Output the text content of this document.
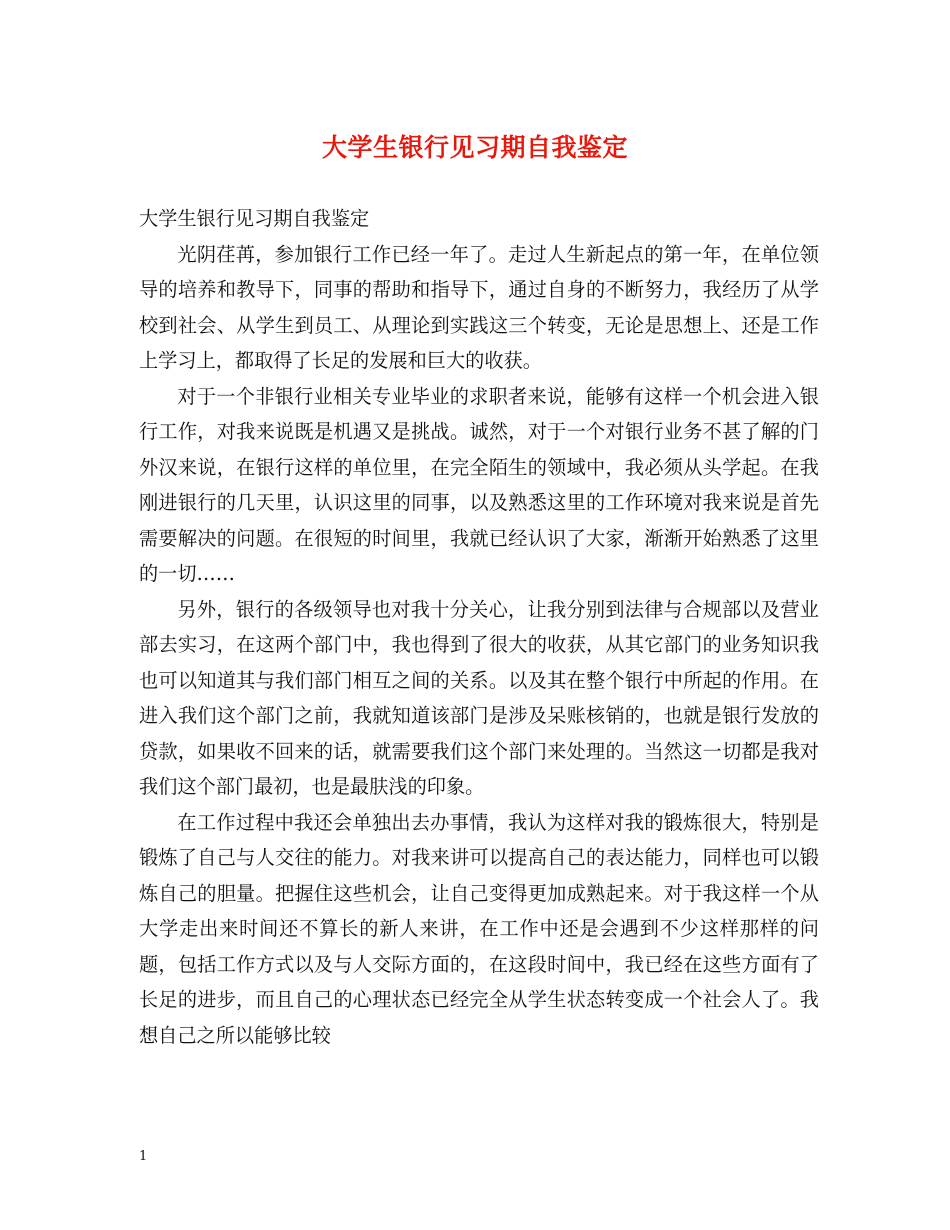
大学生银行见习期自我鉴定

大学生银行见习期自我鉴定

光阴荏苒，参加银行工作已经一年了。走过人生新起点的第一年，在单位领导的培养和教导下，同事的帮助和指导下，通过自身的不断努力，我经历了从学校到社会、从学生到员工、从理论到实践这三个转变，无论是思想上、还是工作上学习上，都取得了长足的发展和巨大的收获。

对于一个非银行业相关专业毕业的求职者来说，能够有这样一个机会进入银行工作，对我来说既是机遇又是挑战。诚然，对于一个对银行业务不甚了解的门外汉来说，在银行这样的单位里，在完全陌生的领域中，我必须从头学起。在我刚进银行的几天里，认识这里的同事，以及熟悉这里的工作环境对我来说是首先需要解决的问题。在很短的时间里，我就已经认识了大家，渐渐开始熟悉了这里的一切……

另外，银行的各级领导也对我十分关心，让我分别到法律与合规部以及营业部去实习，在这两个部门中，我也得到了很大的收获，从其它部门的业务知识我也可以知道其与我们部门相互之间的关系。以及其在整个银行中所起的作用。在进入我们这个部门之前，我就知道该部门是涉及呆账核销的，也就是银行发放的贷款，如果收不回来的话，就需要我们这个部门来处理的。当然这一切都是我对我们这个部门最初，也是最肤浅的印象。

在工作过程中我还会单独出去办事情，我认为这样对我的锻炼很大，特别是锻炼了自己与人交往的能力。对我来讲可以提高自己的表达能力，同样也可以锻炼自己的胆量。把握住这些机会，让自己变得更加成熟起来。对于我这样一个从大学走出来时间还不算长的新人来讲，在工作中还是会遇到不少这样那样的问题，包括工作方式以及与人交际方面的，在这段时间中，我已经在这些方面有了长足的进步，而且自己的心理状态已经完全从学生状态转变成一个社会人了。我想自己之所以能够比较

1
